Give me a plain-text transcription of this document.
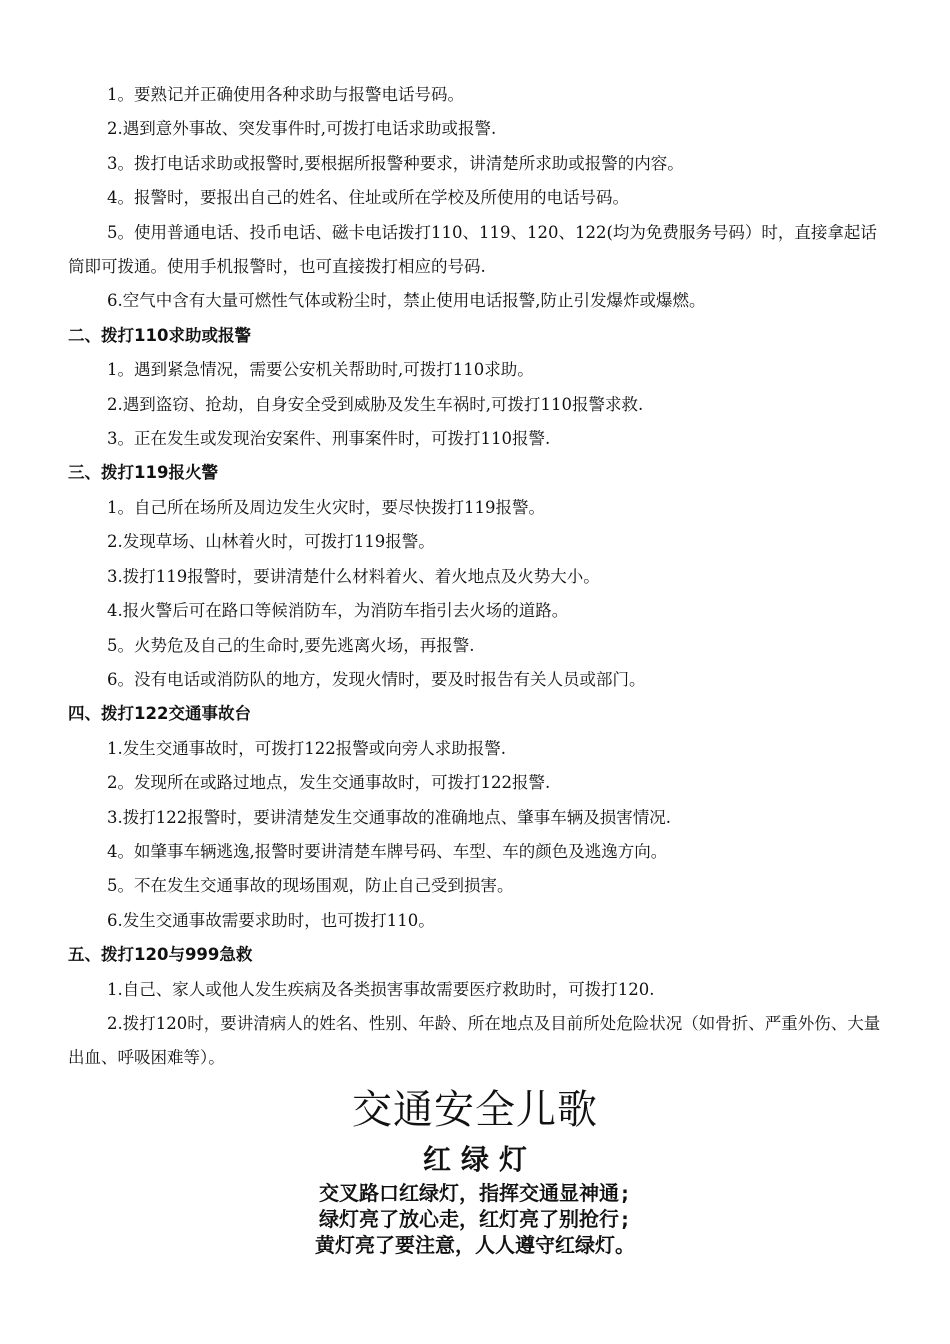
1。要熟记并正确使用各种求助与报警电话号码。

2.遇到意外事故、突发事件时,可拨打电话求助或报警.

3。拨打电话求助或报警时,要根据所报警种要求，讲清楚所求助或报警的内容。

4。报警时，要报出自己的姓名、住址或所在学校及所使用的电话号码。

5。使用普通电话、投币电话、磁卡电话拨打110、119、120、122(均为免费服务号码）时，直接拿起话筒即可拨通。使用手机报警时，也可直接拨打相应的号码.

6.空气中含有大量可燃性气体或粉尘时，禁止使用电话报警,防止引发爆炸或爆燃。

二、拨打110求助或报警

1。遇到紧急情况，需要公安机关帮助时,可拨打110求助。

2.遇到盗窃、抢劫，自身安全受到威胁及发生车祸时,可拨打110报警求救.

3。正在发生或发现治安案件、刑事案件时，可拨打110报警.

三、拨打119报火警

1。自己所在场所及周边发生火灾时，要尽快拨打119报警。

2.发现草场、山林着火时，可拨打119报警。

3.拨打119报警时，要讲清楚什么材料着火、着火地点及火势大小。

4.报火警后可在路口等候消防车，为消防车指引去火场的道路。

5。火势危及自己的生命时,要先逃离火场，再报警.

6。没有电话或消防队的地方，发现火情时，要及时报告有关人员或部门。

四、拨打122交通事故台

1.发生交通事故时，可拨打122报警或向旁人求助报警.

2。发现所在或路过地点，发生交通事故时，可拨打122报警.

3.拨打122报警时，要讲清楚发生交通事故的准确地点、肇事车辆及损害情况.

4。如肇事车辆逃逸,报警时要讲清楚车牌号码、车型、车的颜色及逃逸方向。

5。不在发生交通事故的现场围观，防止自己受到损害。

6.发生交通事故需要求助时，也可拨打110。

五、拨打120与999急救

1.自己、家人或他人发生疾病及各类损害事故需要医疗救助时，可拨打120.

2.拨打120时，要讲清病人的姓名、性别、年龄、所在地点及目前所处危险状况（如骨折、严重外伤、大量出血、呼吸困难等）。

交通安全儿歌

红绿灯

交叉路口红绿灯，指挥交通显神通;

绿灯亮了放心走，红灯亮了别抢行;

黄灯亮了要注意，人人遵守红绿灯。
